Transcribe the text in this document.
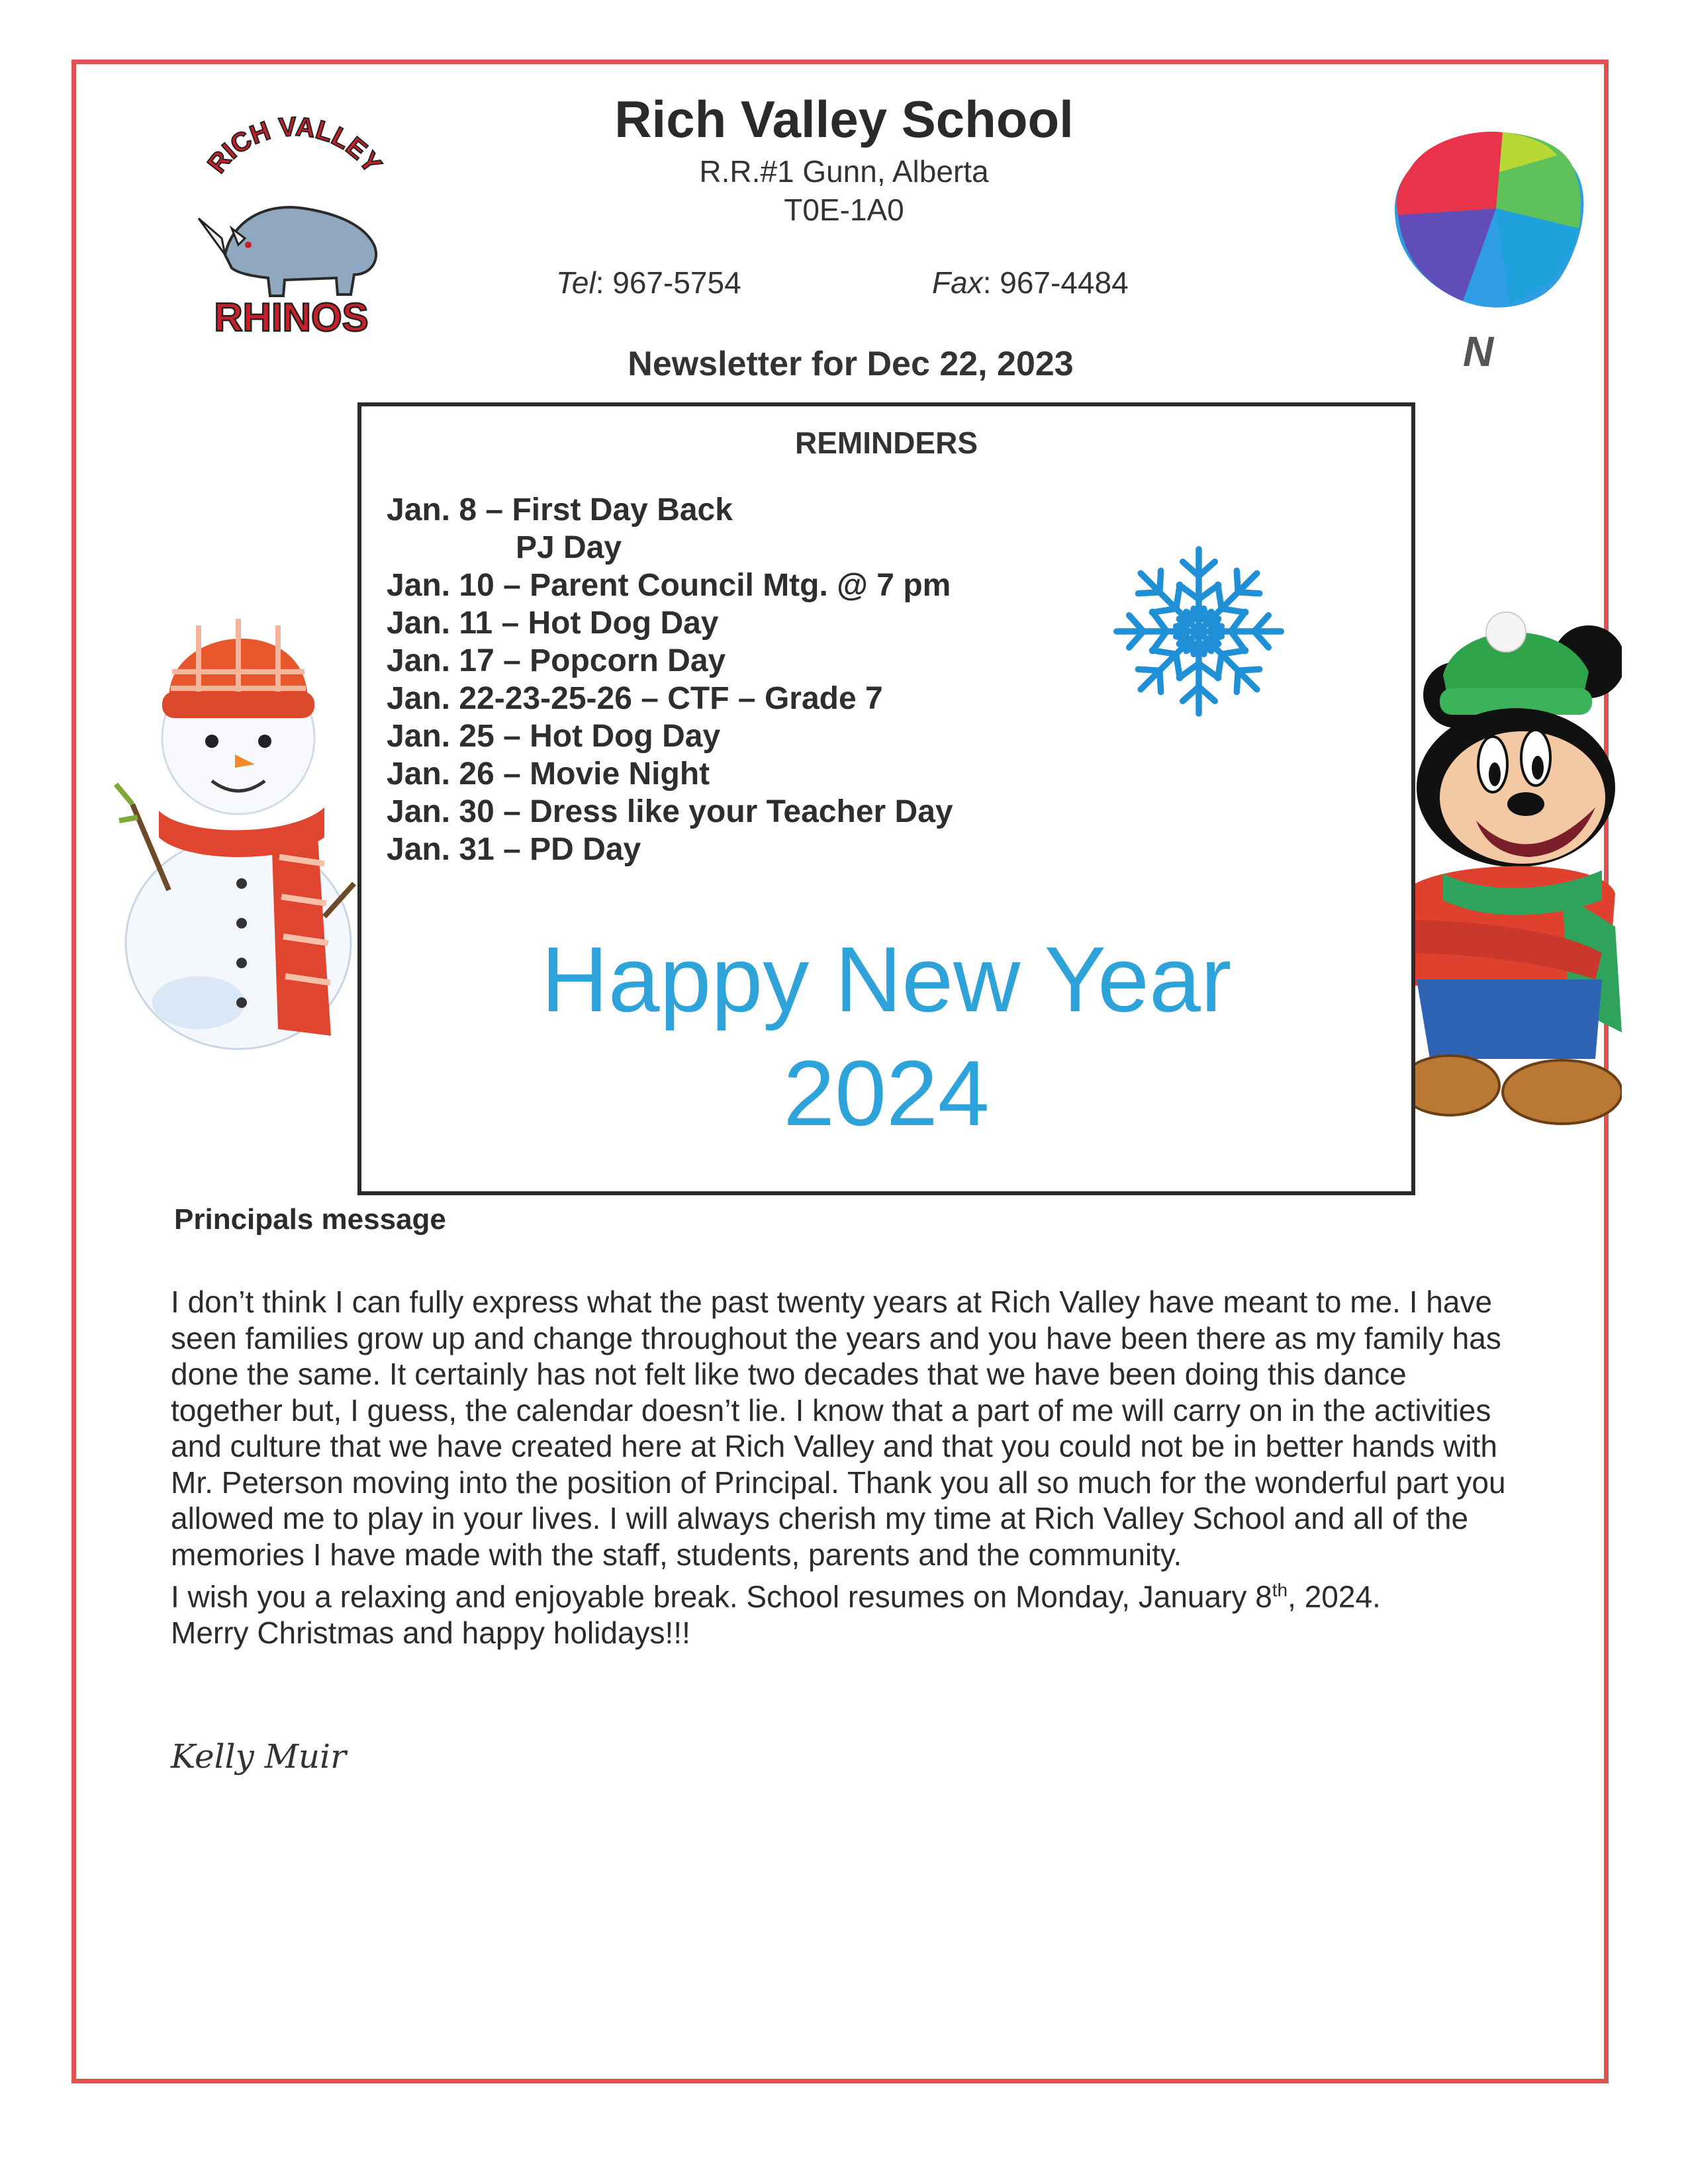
RICH VALLEY
RHINOS
N
Rich Valley School
R.R.#1 Gunn, Alberta
T0E-1A0
Tel: 967-5754	Fax: 967-4484
Newsletter for Dec 22, 2023
REMINDERS
Jan. 8 – First Day Back
PJ Day
Jan. 10 – Parent Council Mtg. @ 7 pm
Jan. 11 – Hot Dog Day
Jan. 17 – Popcorn Day
Jan. 22-23-25-26 – CTF – Grade 7
Jan. 25 – Hot Dog Day
Jan. 26 – Movie Night
Jan. 30 – Dress like your Teacher Day
Jan. 31 – PD Day
Happy New Year
2024
Principals message

I don’t think I can fully express what the past twenty years at Rich Valley have meant to me. I have seen families grow up and change throughout the years and you have been there as my family has done the same. It certainly has not felt like two decades that we have been doing this dance together but, I guess, the calendar doesn’t lie. I know that a part of me will carry on in the activities and culture that we have created here at Rich Valley and that you could not be in better hands with Mr. Peterson moving into the position of Principal. Thank you all so much for the wonderful part you allowed me to play in your lives. I will always cherish my time at Rich Valley School and all of the memories I have made with the staff, students, parents and the community.

I wish you a relaxing and enjoyable break. School resumes on Monday, January 8th, 2024.

Merry Christmas and happy holidays!!!

Kelly Muir
